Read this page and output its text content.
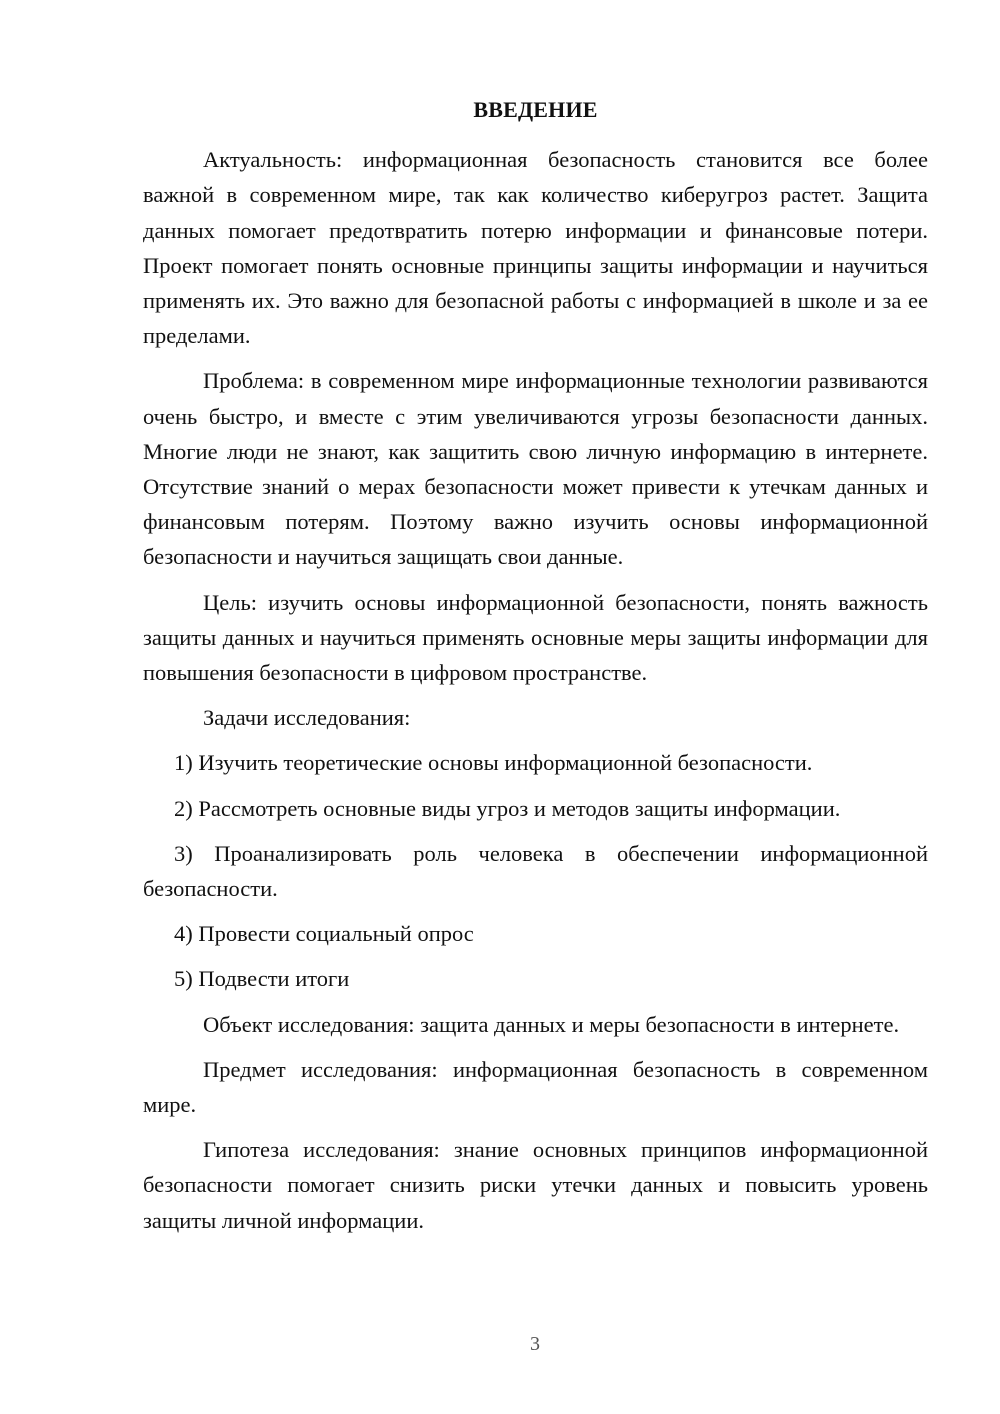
ВВЕДЕНИЕ

Актуальность: информационная безопасность становится все более важной в современном мире, так как количество киберугроз растет. Защита данных помогает предотвратить потерю информации и финансовые потери. Проект помогает понять основные принципы защиты информации и научиться применять их. Это важно для безопасной работы с информацией в школе и за ее пределами.

Проблема: в современном мире информационные технологии развиваются очень быстро, и вместе с этим увеличиваются угрозы безопасности данных. Многие люди не знают, как защитить свою личную информацию в интернете. Отсутствие знаний о мерах безопасности может привести к утечкам данных и финансовым потерям. Поэтому важно изучить основы информационной безопасности и научиться защищать свои данные.

Цель: изучить основы информационной безопасности, понять важность защиты данных и научиться применять основные меры защиты информации для повышения безопасности в цифровом пространстве.

Задачи исследования:

1) Изучить теоретические основы информационной безопасности.

2) Рассмотреть основные виды угроз и методов защиты информации.

3) Проанализировать роль человека в обеспечении информационной безопасности.

4) Провести социальный опрос

5) Подвести итоги

Объект исследования: защита данных и меры безопасности в интернете.

Предмет исследования: информационная безопасность в современном мире.

Гипотеза исследования: знание основных принципов информационной безопасности помогает снизить риски утечки данных и повысить уровень защиты личной информации.

3
